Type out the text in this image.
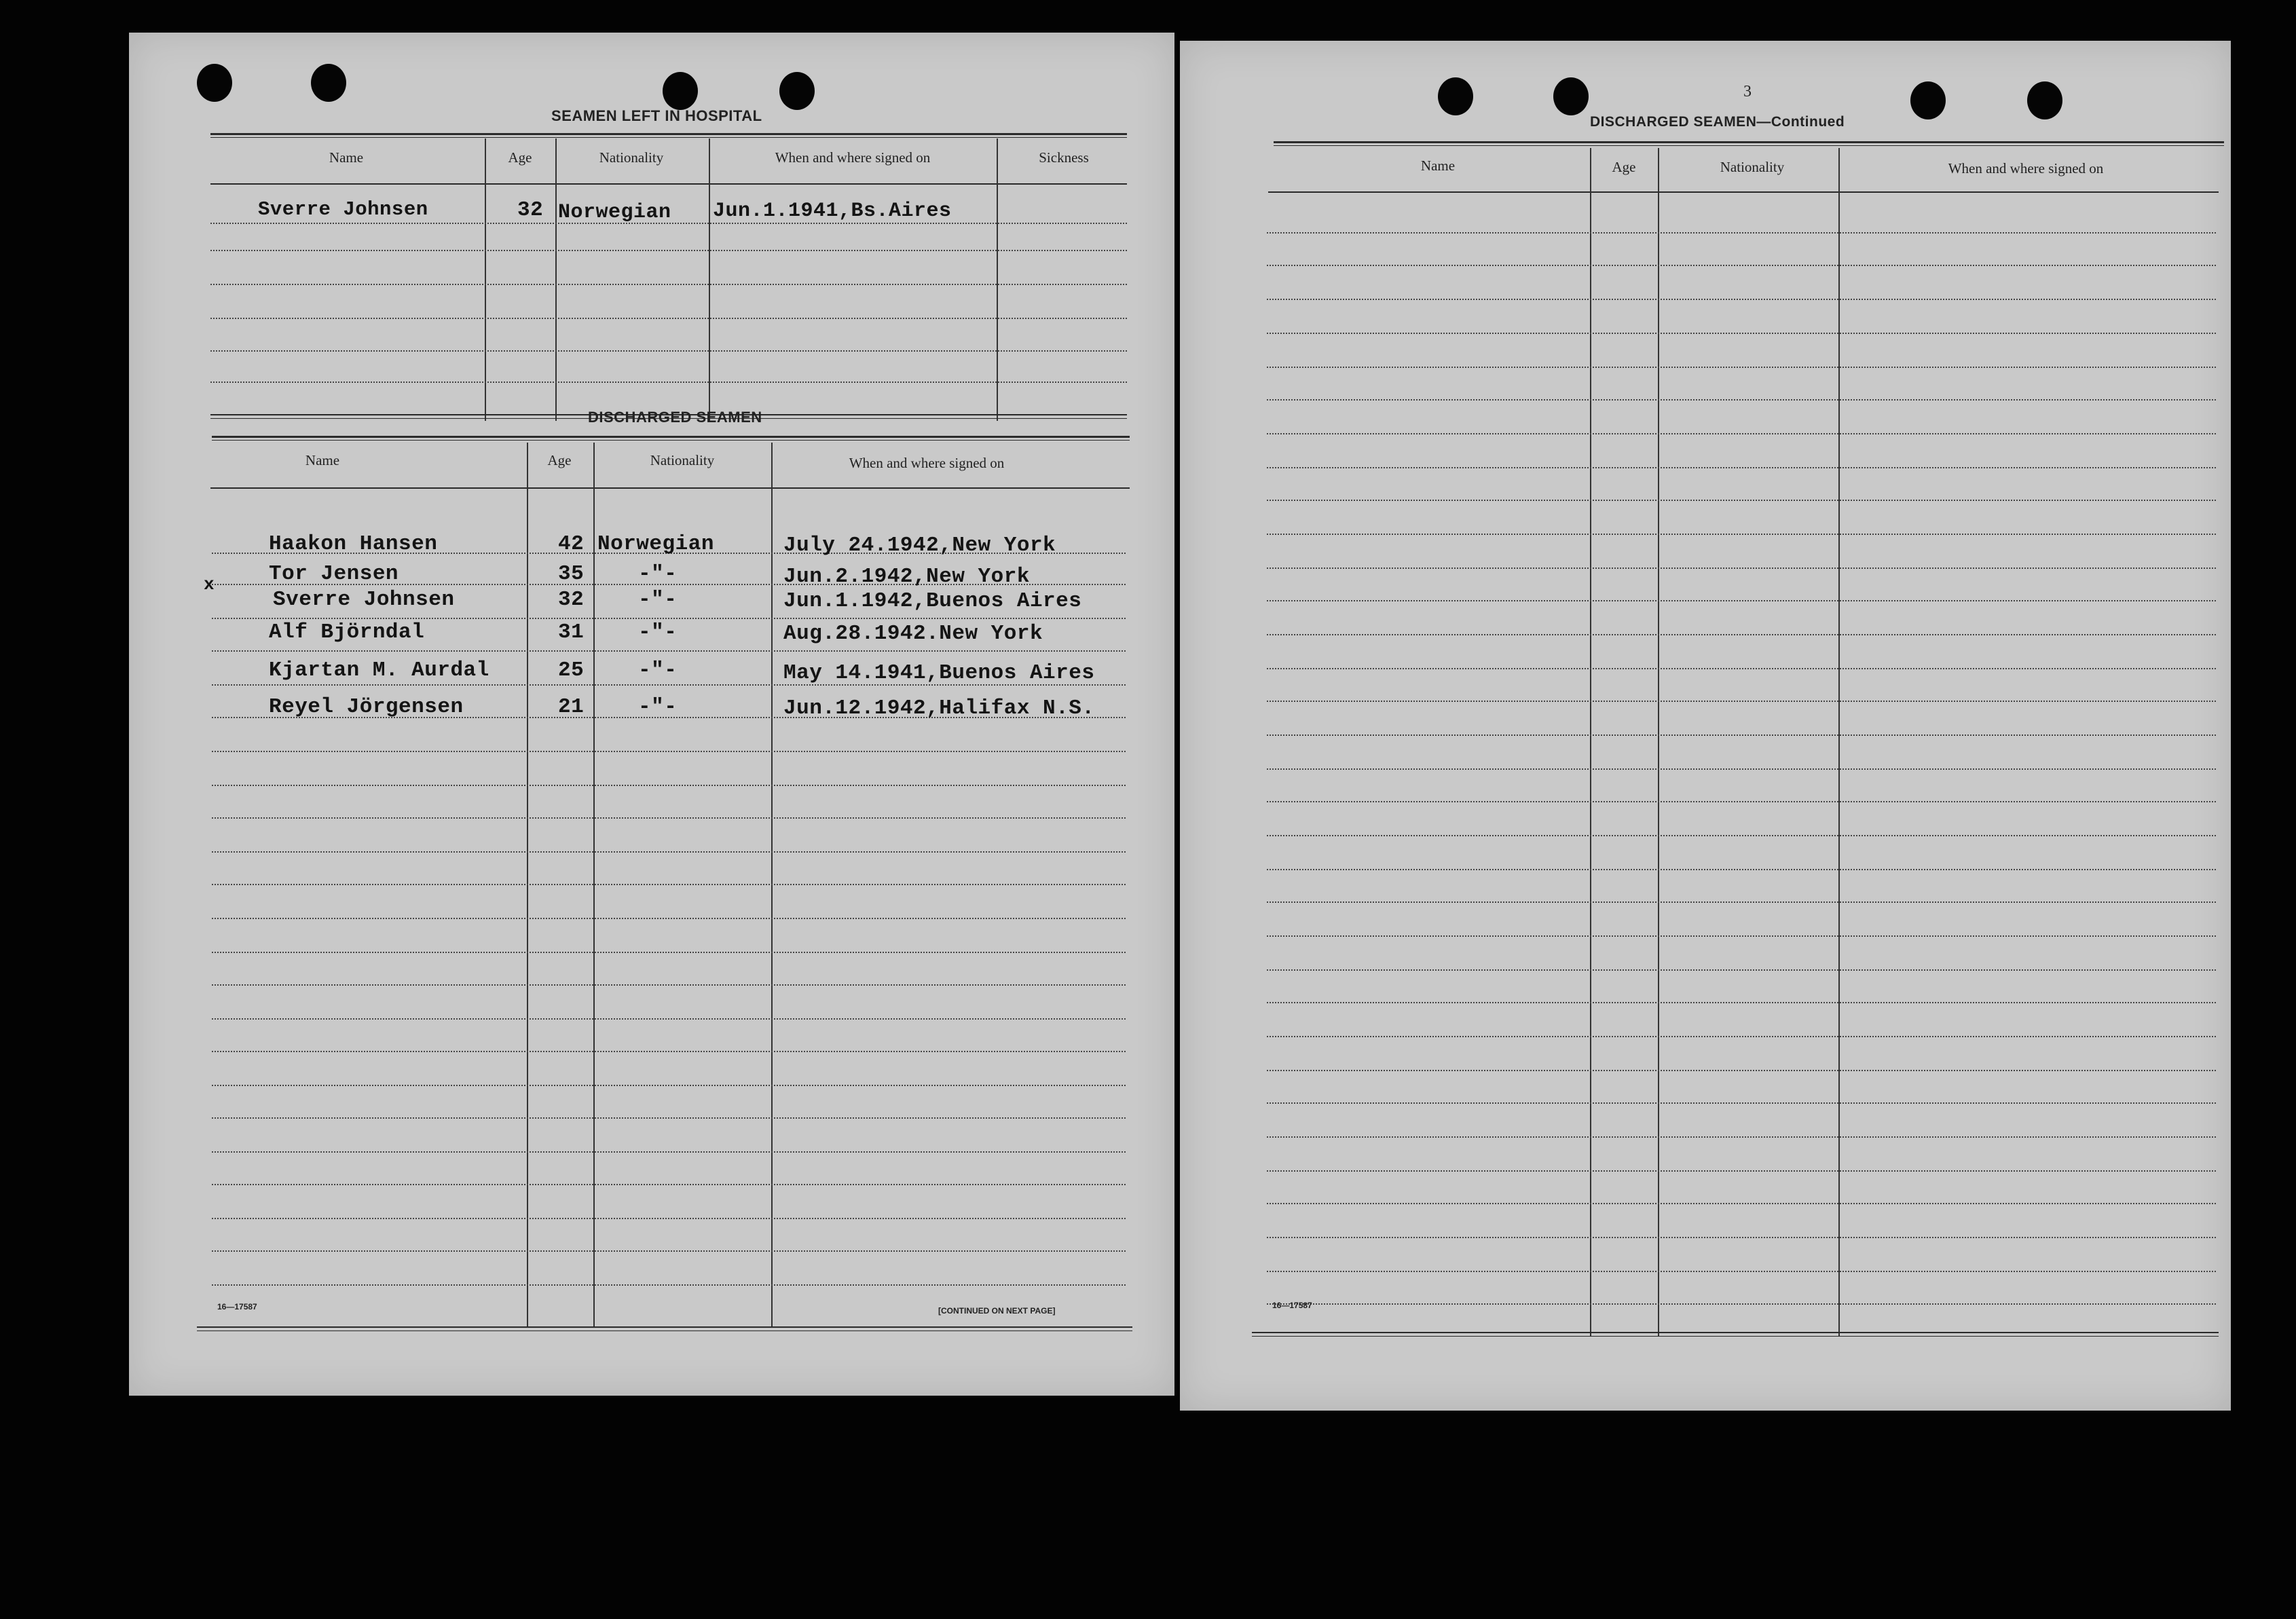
SEAMEN LEFT IN HOSPITAL
Name	Age	Nationality	When and where signed on	Sickness
Sverre Johnsen	32 Norwegian Jun.1.1941,Bs.Aires
DISCHARGED SEAMEN
Name	Age	Nationality	When and where signed on
Haakon Hansen	42 Norwegian	July 24.1942,New York
x	Tor Jensen	35	-"-	Jun.2.1942,New York
Sverre Johnsen	32	-"-	Jun.1.1942,Buenos Aires
Alf Björndal	31	-"-	Aug.28.1942.New York
Kjartan M. Aurdal	25	-"-	May 14.1941,Buenos Aires
Reyel Jörgensen	21	-"-	Jun.12.1942,Halifax N.S.
16—17587	[CONTINUED ON NEXT PAGE]
3
DISCHARGED SEAMEN—Continued
Name	Age	Nationality	When and where signed on
16—17587
